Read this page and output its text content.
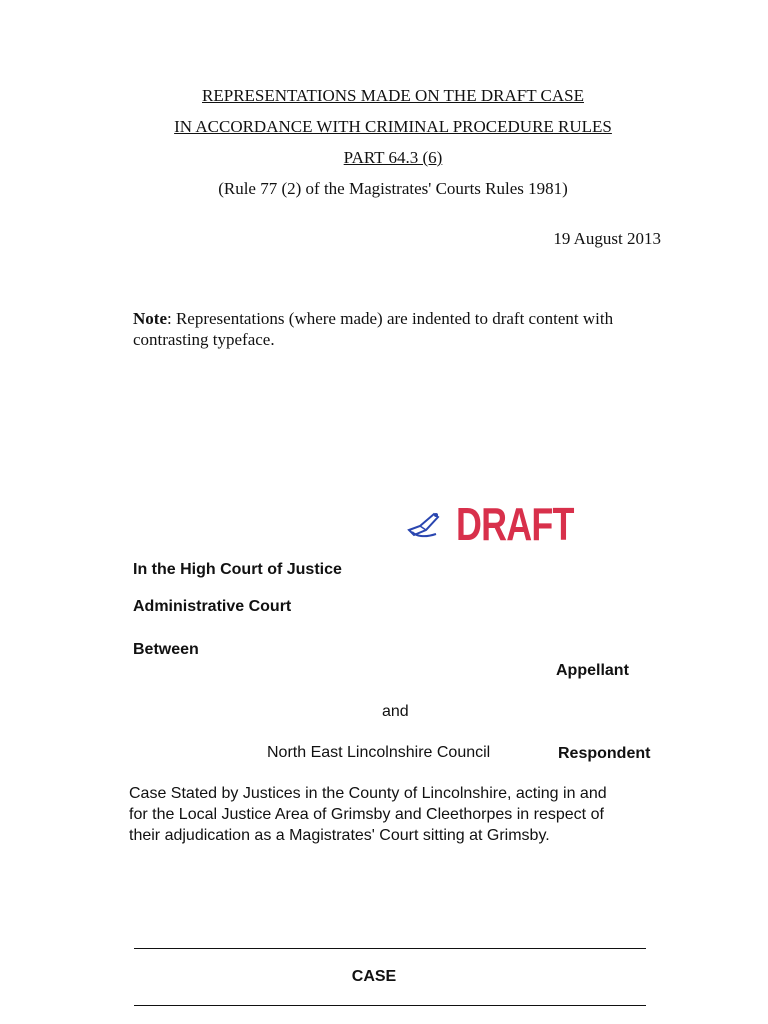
REPRESENTATIONS MADE ON THE DRAFT CASE
IN ACCORDANCE WITH CRIMINAL PROCEDURE RULES
PART 64.3 (6)
(Rule 77 (2) of the Magistrates' Courts Rules 1981)
19 August 2013
Note: Representations (where made) are indented to draft content with contrasting typeface.
DRAFT
In the High Court of Justice
Administrative Court
Between
Appellant
and
North East Lincolnshire Council	Respondent
Case Stated by Justices in the County of Lincolnshire, acting in and for the Local Justice Area of Grimsby and Cleethorpes in respect of their adjudication as a Magistrates' Court sitting at Grimsby.
CASE
